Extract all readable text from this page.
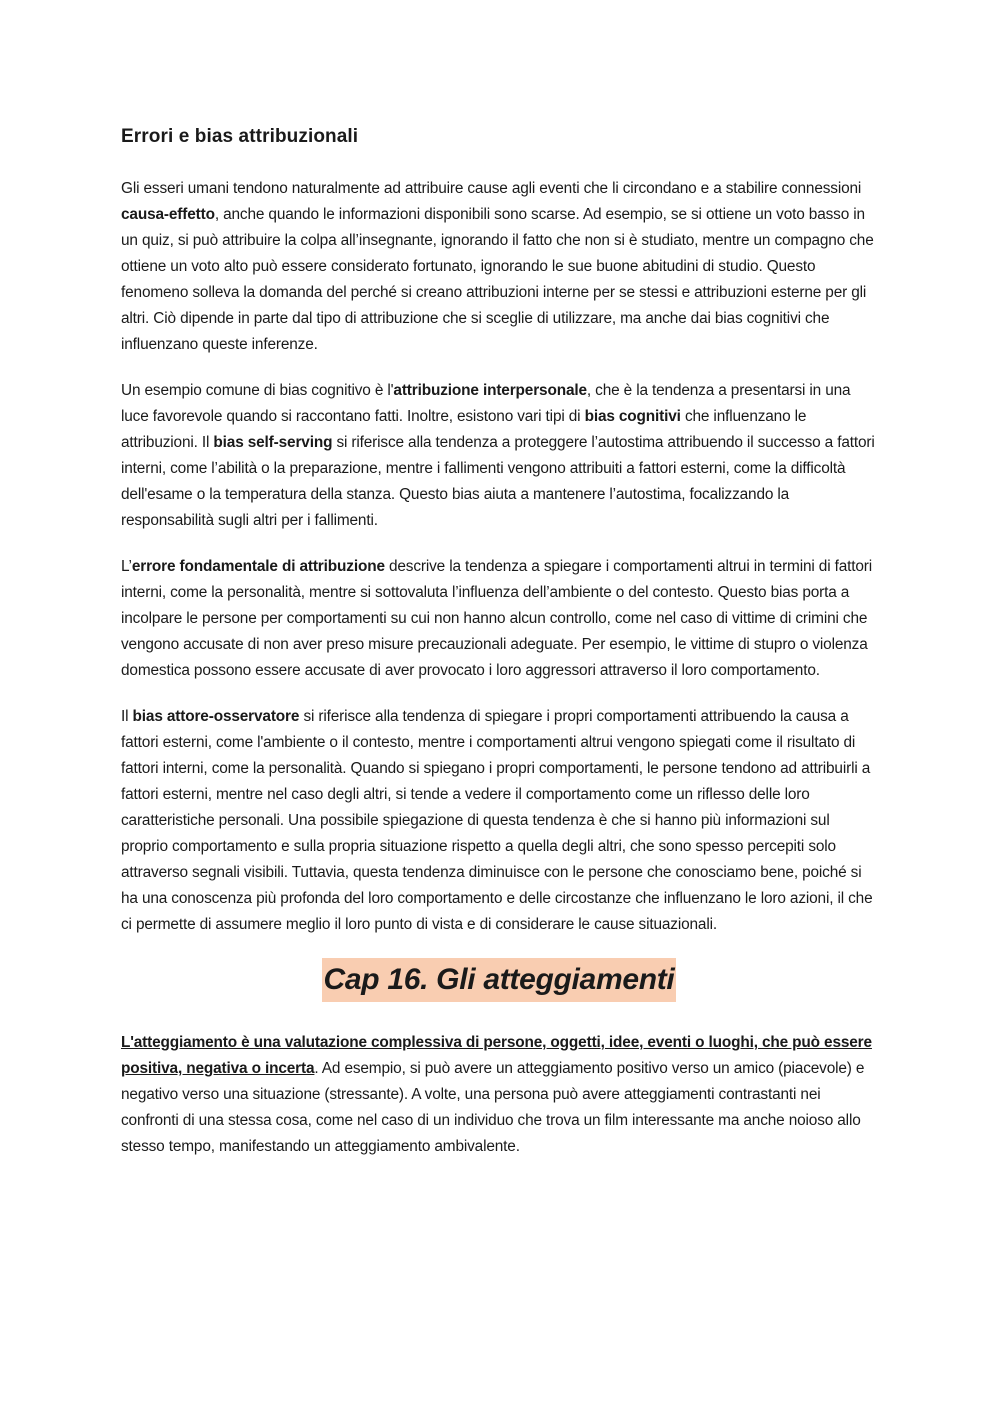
Errori e bias attribuzionali

Gli esseri umani tendono naturalmente ad attribuire cause agli eventi che li circondano e a stabilire connessioni causa-effetto, anche quando le informazioni disponibili sono scarse. Ad esempio, se si ottiene un voto basso in un quiz, si può attribuire la colpa all’insegnante, ignorando il fatto che non si è studiato, mentre un compagno che ottiene un voto alto può essere considerato fortunato, ignorando le sue buone abitudini di studio. Questo fenomeno solleva la domanda del perché si creano attribuzioni interne per se stessi e attribuzioni esterne per gli altri. Ciò dipende in parte dal tipo di attribuzione che si sceglie di utilizzare, ma anche dai bias cognitivi che influenzano queste inferenze.

Un esempio comune di bias cognitivo è l'attribuzione interpersonale, che è la tendenza a presentarsi in una luce favorevole quando si raccontano fatti. Inoltre, esistono vari tipi di bias cognitivi che influenzano le attribuzioni. Il bias self-serving si riferisce alla tendenza a proteggere l’autostima attribuendo il successo a fattori interni, come l’abilità o la preparazione, mentre i fallimenti vengono attribuiti a fattori esterni, come la difficoltà dell'esame o la temperatura della stanza. Questo bias aiuta a mantenere l’autostima, focalizzando la responsabilità sugli altri per i fallimenti.

L’errore fondamentale di attribuzione descrive la tendenza a spiegare i comportamenti altrui in termini di fattori interni, come la personalità, mentre si sottovaluta l’influenza dell’ambiente o del contesto. Questo bias porta a incolpare le persone per comportamenti su cui non hanno alcun controllo, come nel caso di vittime di crimini che vengono accusate di non aver preso misure precauzionali adeguate. Per esempio, le vittime di stupro o violenza domestica possono essere accusate di aver provocato i loro aggressori attraverso il loro comportamento.

Il bias attore-osservatore si riferisce alla tendenza di spiegare i propri comportamenti attribuendo la causa a fattori esterni, come l'ambiente o il contesto, mentre i comportamenti altrui vengono spiegati come il risultato di fattori interni, come la personalità. Quando si spiegano i propri comportamenti, le persone tendono ad attribuirli a fattori esterni, mentre nel caso degli altri, si tende a vedere il comportamento come un riflesso delle loro caratteristiche personali. Una possibile spiegazione di questa tendenza è che si hanno più informazioni sul proprio comportamento e sulla propria situazione rispetto a quella degli altri, che sono spesso percepiti solo attraverso segnali visibili. Tuttavia, questa tendenza diminuisce con le persone che conosciamo bene, poiché si ha una conoscenza più profonda del loro comportamento e delle circostanze che influenzano le loro azioni, il che ci permette di assumere meglio il loro punto di vista e di considerare le cause situazionali.

Cap 16. Gli atteggiamenti

L'atteggiamento è una valutazione complessiva di persone, oggetti, idee, eventi o luoghi, che può essere positiva, negativa o incerta. Ad esempio, si può avere un atteggiamento positivo verso un amico (piacevole) e negativo verso una situazione (stressante). A volte, una persona può avere atteggiamenti contrastanti nei confronti di una stessa cosa, come nel caso di un individuo che trova un film interessante ma anche noioso allo stesso tempo, manifestando un atteggiamento ambivalente.
